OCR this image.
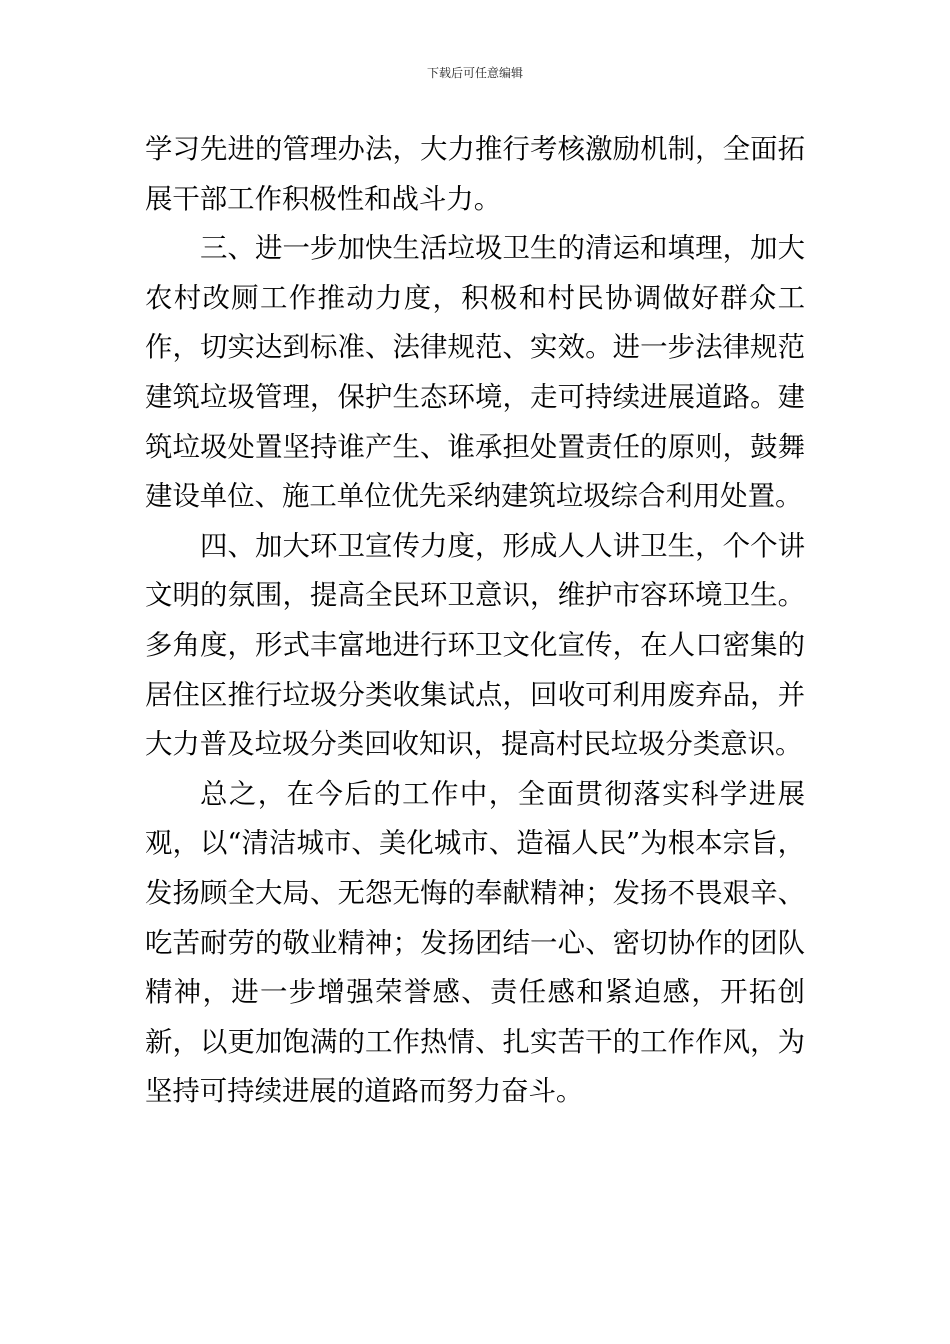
下载后可任意编辑

学习先进的管理办法，大力推行考核激励机制，全面拓展干部工作积极性和战斗力。

三、进一步加快生活垃圾卫生的清运和填理，加大农村改厕工作推动力度，积极和村民协调做好群众工作，切实达到标准、法律规范、实效。进一步法律规范建筑垃圾管理，保护生态环境，走可持续进展道路。建筑垃圾处置坚持谁产生、谁承担处置责任的原则，鼓舞建设单位、施工单位优先采纳建筑垃圾综合利用处置。

四、加大环卫宣传力度，形成人人讲卫生，个个讲文明的氛围，提高全民环卫意识，维护市容环境卫生。多角度，形式丰富地进行环卫文化宣传，在人口密集的居住区推行垃圾分类收集试点，回收可利用废弃品，并大力普及垃圾分类回收知识，提高村民垃圾分类意识。

总之，在今后的工作中，全面贯彻落实科学进展观，以“清洁城市、美化城市、造福人民”为根本宗旨，发扬顾全大局、无怨无悔的奉献精神；发扬不畏艰辛、吃苦耐劳的敬业精神；发扬团结一心、密切协作的团队精神，进一步增强荣誉感、责任感和紧迫感，开拓创新，以更加饱满的工作热情、扎实苦干的工作作风，为坚持可持续进展的道路而努力奋斗。
